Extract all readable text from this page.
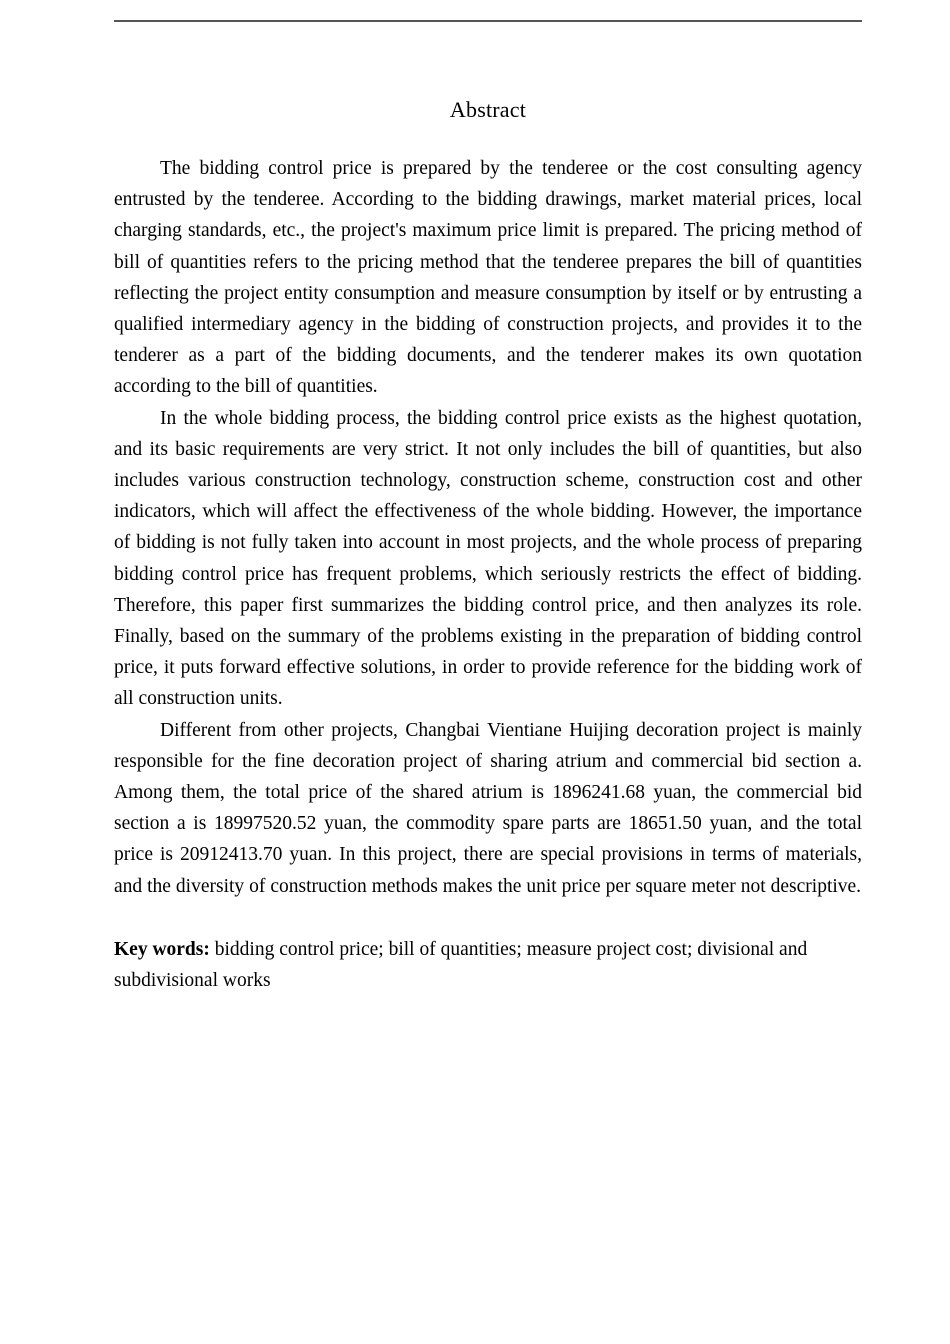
Abstract

The bidding control price is prepared by the tenderee or the cost consulting agency entrusted by the tenderee. According to the bidding drawings, market material prices, local charging standards, etc., the project's maximum price limit is prepared. The pricing method of bill of quantities refers to the pricing method that the tenderee prepares the bill of quantities reflecting the project entity consumption and measure consumption by itself or by entrusting a qualified intermediary agency in the bidding of construction projects, and provides it to the tenderer as a part of the bidding documents, and the tenderer makes its own quotation according to the bill of quantities.

In the whole bidding process, the bidding control price exists as the highest quotation, and its basic requirements are very strict. It not only includes the bill of quantities, but also includes various construction technology, construction scheme, construction cost and other indicators, which will affect the effectiveness of the whole bidding. However, the importance of bidding is not fully taken into account in most projects, and the whole process of preparing bidding control price has frequent problems, which seriously restricts the effect of bidding. Therefore, this paper first summarizes the bidding control price, and then analyzes its role. Finally, based on the summary of the problems existing in the preparation of bidding control price, it puts forward effective solutions, in order to provide reference for the bidding work of all construction units.

Different from other projects, Changbai Vientiane Huijing decoration project is mainly responsible for the fine decoration project of sharing atrium and commercial bid section a. Among them, the total price of the shared atrium is 1896241.68 yuan, the commercial bid section a is 18997520.52 yuan, the commodity spare parts are 18651.50 yuan, and the total price is 20912413.70 yuan. In this project, there are special provisions in terms of materials, and the diversity of construction methods makes the unit price per square meter not descriptive.

Key words: bidding control price; bill of quantities; measure project cost; divisional and subdivisional works
